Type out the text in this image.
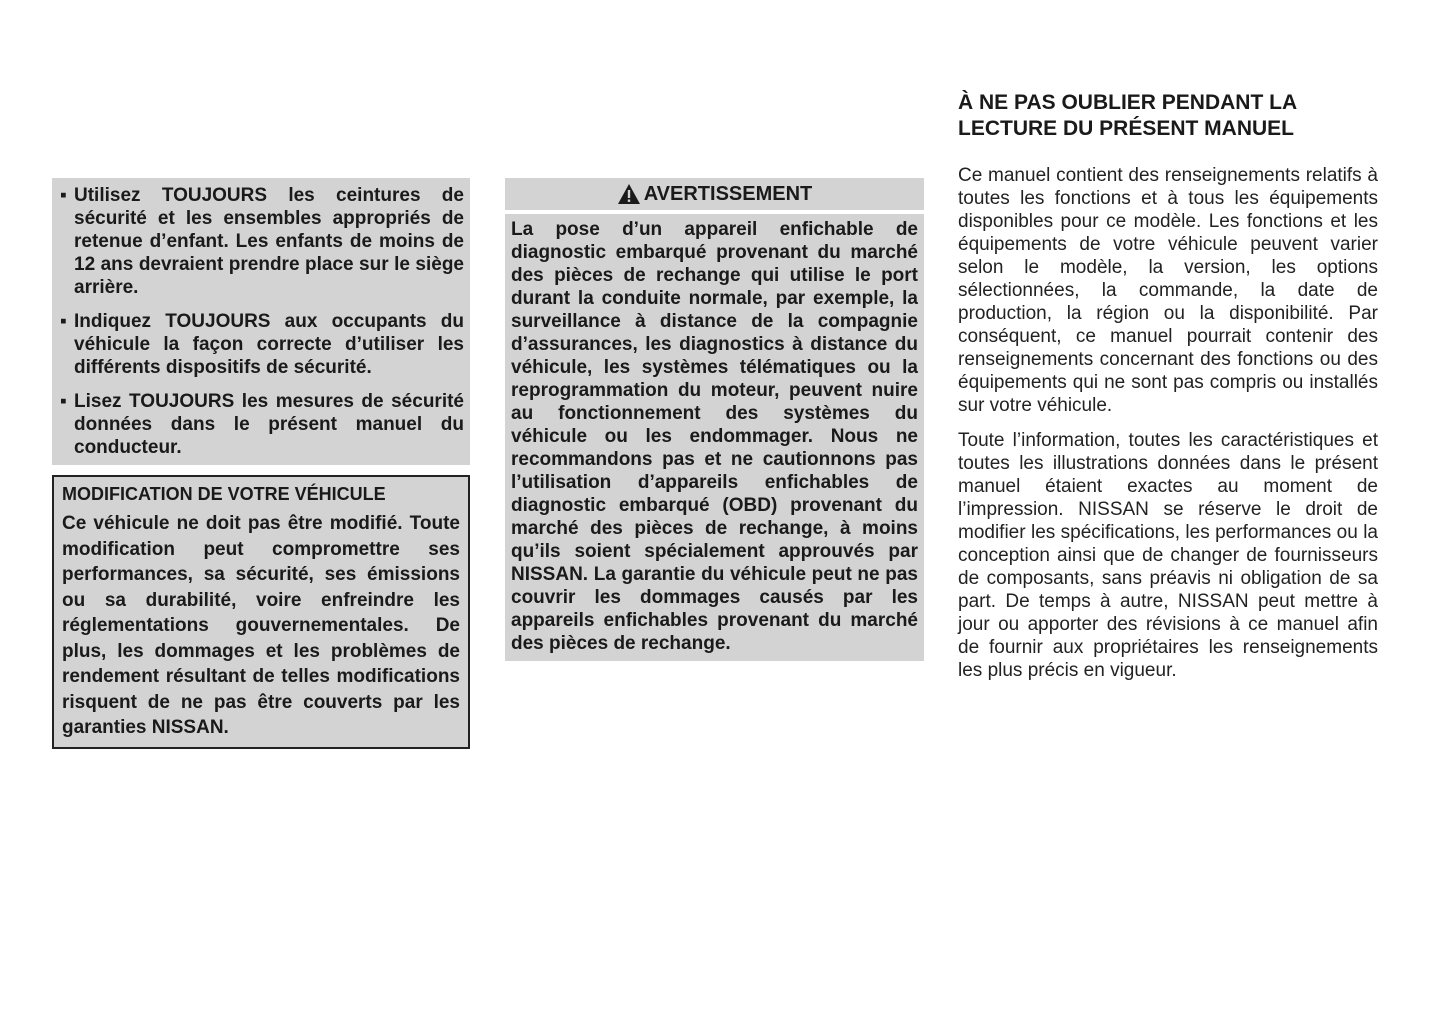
▪ Utilisez TOUJOURS les ceintures de sécurité et les ensembles appropriés de retenue d’enfant. Les enfants de moins de 12 ans devraient prendre place sur le siège arrière.
▪ Indiquez TOUJOURS aux occupants du véhicule la façon correcte d’utiliser les différents dispositifs de sécurité.
▪ Lisez TOUJOURS les mesures de sécurité données dans le présent manuel du conducteur.
MODIFICATION DE VOTRE VÉHICULE

Ce véhicule ne doit pas être modifié. Toute modification peut compromettre ses performances, sa sécurité, ses émissions ou sa durabilité, voire enfreindre les réglementations gouvernementales. De plus, les dommages et les problèmes de rendement résultant de telles modifications risquent de ne pas être couverts par les garanties NISSAN.

AVERTISSEMENT
La pose d’un appareil enfichable de diagnostic embarqué provenant du marché des pièces de rechange qui utilise le port durant la conduite normale, par exemple, la surveillance à distance de la compagnie d’assurances, les diagnostics à distance du véhicule, les systèmes télématiques ou la reprogrammation du moteur, peuvent nuire au fonctionnement des systèmes du véhicule ou les endommager. Nous ne recommandons pas et ne cautionnons pas l’utilisation d’appareils enfichables de diagnostic embarqué (OBD) provenant du marché des pièces de rechange, à moins qu’ils soient spécialement approuvés par NISSAN. La garantie du véhicule peut ne pas couvrir les dommages causés par les appareils enfichables provenant du marché des pièces de rechange.
À NE PAS OUBLIER PENDANT LA LECTURE DU PRÉSENT MANUEL

Ce manuel contient des renseignements relatifs à toutes les fonctions et à tous les équipements disponibles pour ce modèle. Les fonctions et les équipements de votre véhicule peuvent varier selon le modèle, la version, les options sélectionnées, la commande, la date de production, la région ou la disponibilité. Par conséquent, ce manuel pourrait contenir des renseignements concernant des fonctions ou des équipements qui ne sont pas compris ou installés sur votre véhicule.

Toute l’information, toutes les caractéristiques et toutes les illustrations données dans le présent manuel étaient exactes au moment de l’impression. NISSAN se réserve le droit de modifier les spécifications, les performances ou la conception ainsi que de changer de fournisseurs de composants, sans préavis ni obligation de sa part. De temps à autre, NISSAN peut mettre à jour ou apporter des révisions à ce manuel afin de fournir aux propriétaires les renseignements les plus précis en vigueur.
